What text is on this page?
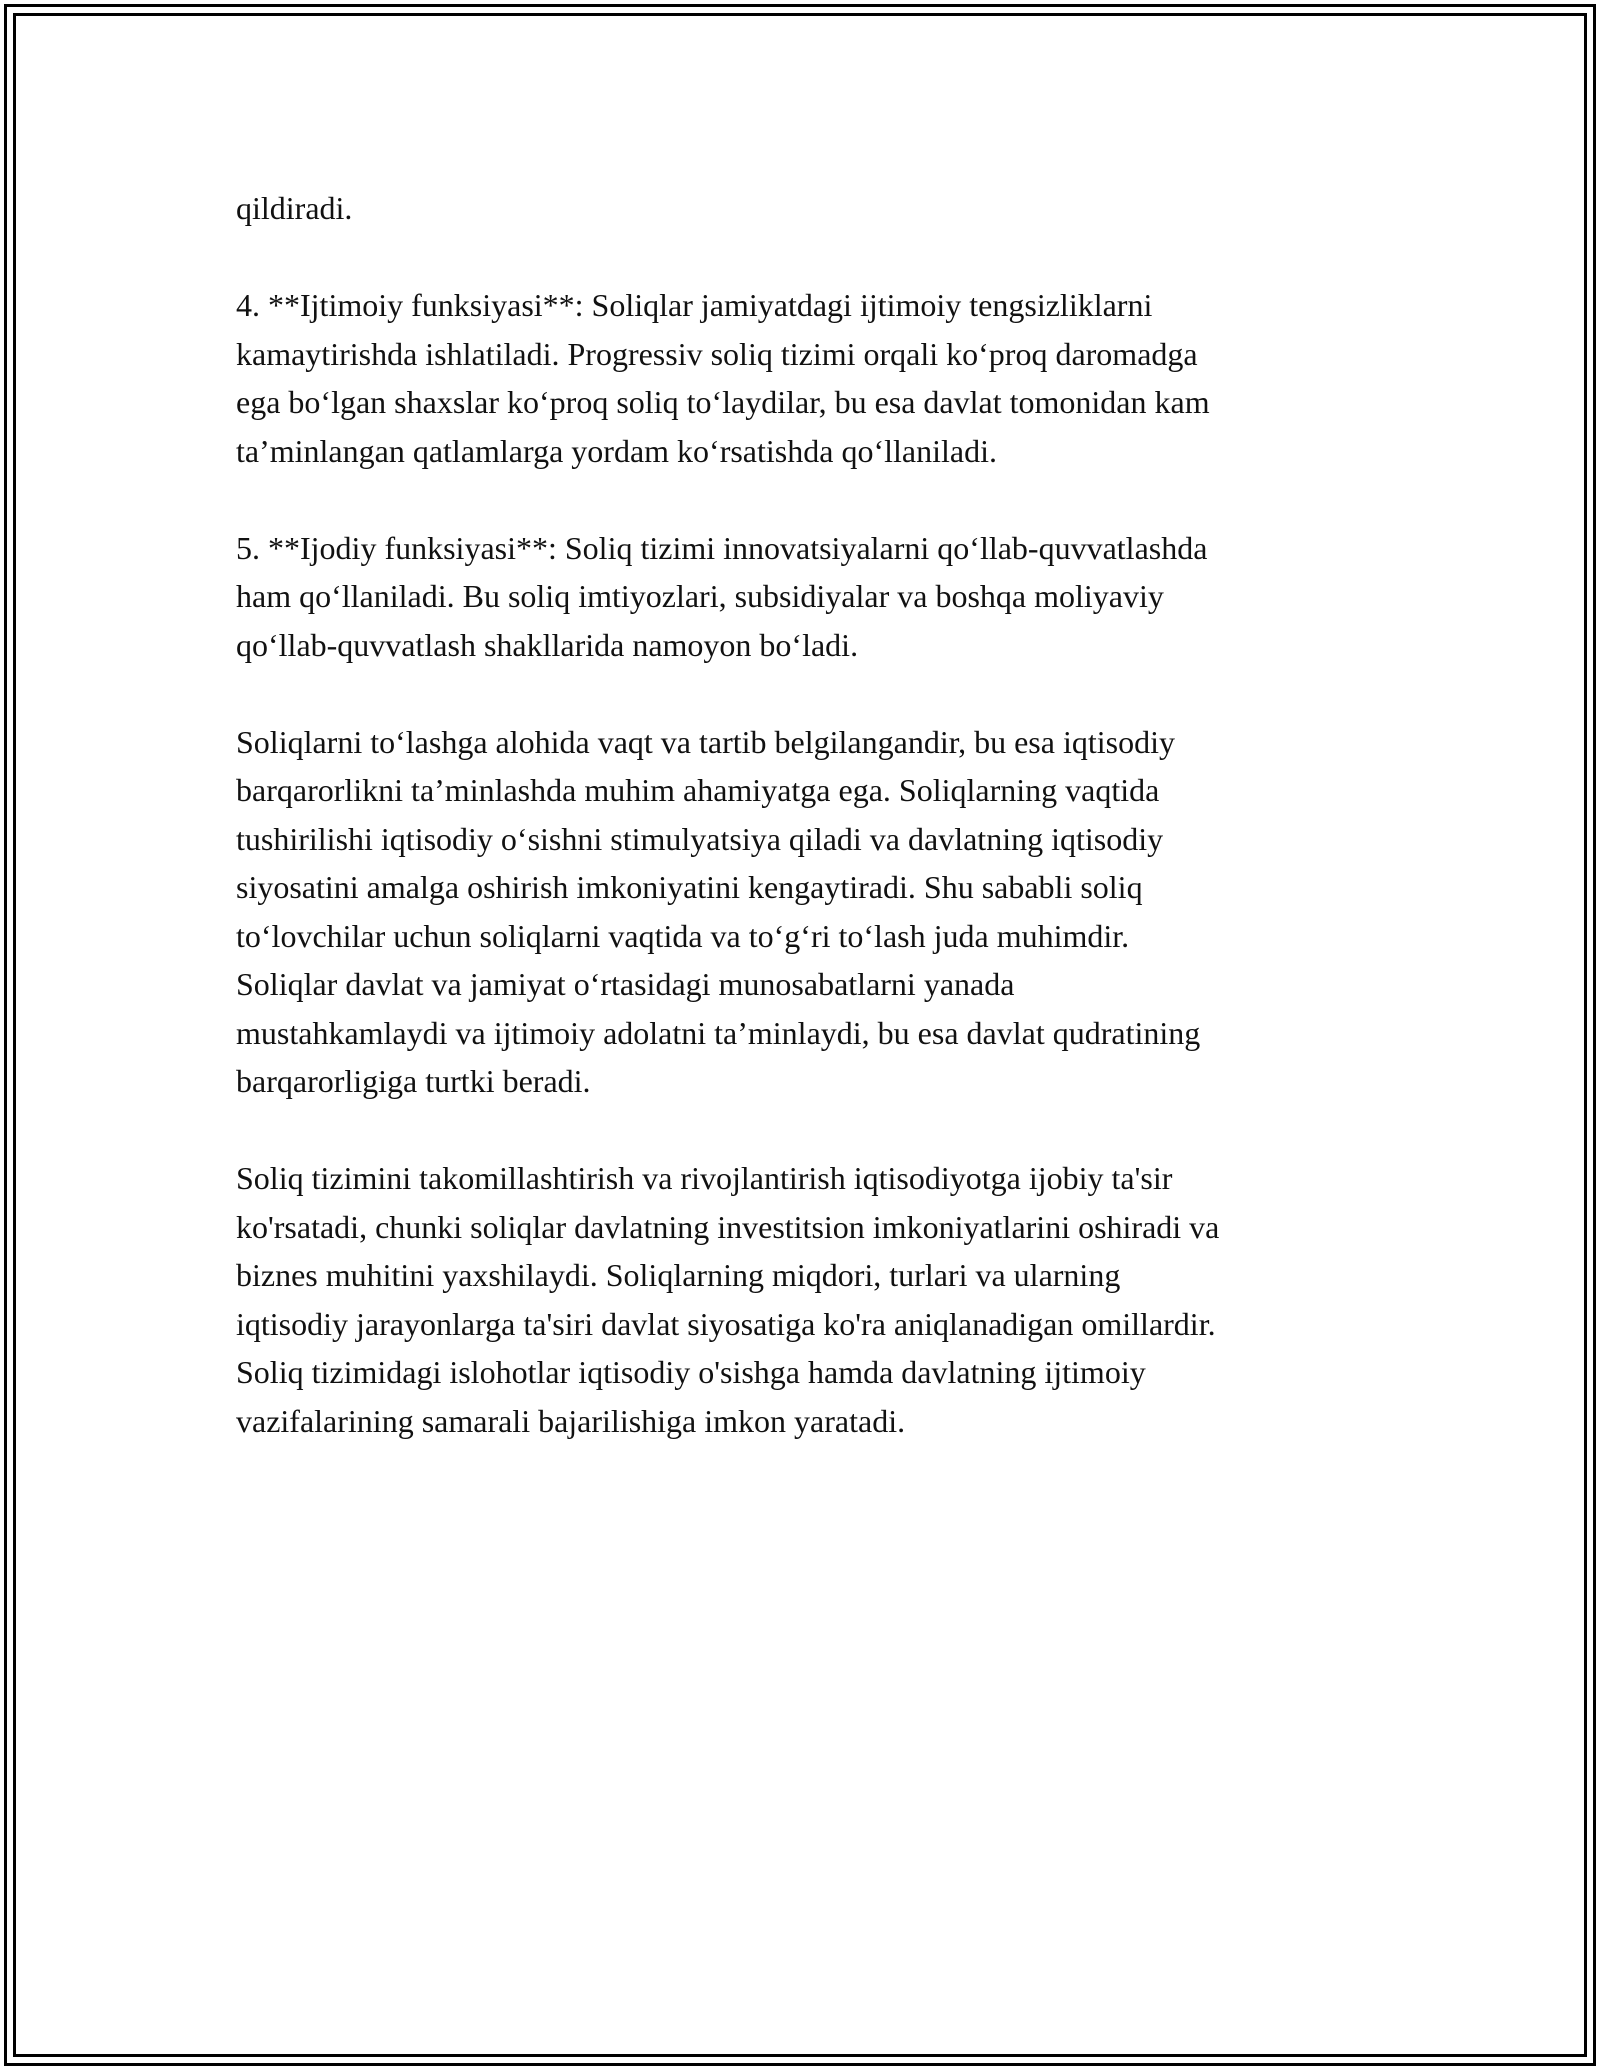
qildiradi.

4. **Ijtimoiy funksiyasi**: Soliqlar jamiyatdagi ijtimoiy tengsizliklarni
kamaytirishda ishlatiladi. Progressiv soliq tizimi orqali koʻproq daromadga
ega boʻlgan shaxslar koʻproq soliq toʻlaydilar, bu esa davlat tomonidan kam
taʼminlangan qatlamlarga yordam koʻrsatishda qoʻllaniladi.

5. **Ijodiy funksiyasi**: Soliq tizimi innovatsiyalarni qoʻllab-quvvatlashda
ham qoʻllaniladi. Bu soliq imtiyozlari, subsidiyalar va boshqa moliyaviy
qoʻllab-quvvatlash shakllarida namoyon boʻladi.

Soliqlarni toʻlashga alohida vaqt va tartib belgilangandir, bu esa iqtisodiy
barqarorlikni taʼminlashda muhim ahamiyatga ega. Soliqlarning vaqtida
tushirilishi iqtisodiy oʻsishni stimulyatsiya qiladi va davlatning iqtisodiy
siyosatini amalga oshirish imkoniyatini kengaytiradi. Shu sababli soliq
toʻlovchilar uchun soliqlarni vaqtida va toʻgʻri toʻlash juda muhimdir.
Soliqlar davlat va jamiyat oʻrtasidagi munosabatlarni yanada
mustahkamlaydi va ijtimoiy adolatni taʼminlaydi, bu esa davlat qudratining
barqarorligiga turtki beradi.

Soliq tizimini takomillashtirish va rivojlantirish iqtisodiyotga ijobiy ta'sir
ko'rsatadi, chunki soliqlar davlatning investitsion imkoniyatlarini oshiradi va
biznes muhitini yaxshilaydi. Soliqlarning miqdori, turlari va ularning
iqtisodiy jarayonlarga ta'siri davlat siyosatiga ko'ra aniqlanadigan omillardir.
Soliq tizimidagi islohotlar iqtisodiy o'sishga hamda davlatning ijtimoiy
vazifalarining samarali bajarilishiga imkon yaratadi.
